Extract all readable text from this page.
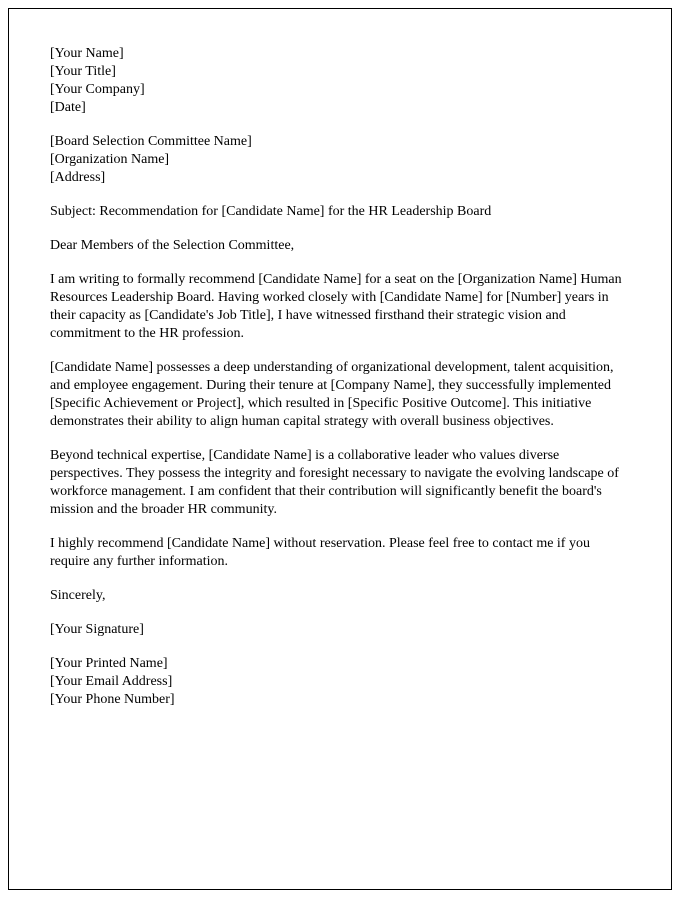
[Your Name]
[Your Title]
[Your Company]
[Date]
[Board Selection Committee Name]
[Organization Name]
[Address]

Subject: Recommendation for [Candidate Name] for the HR Leadership Board

Dear Members of the Selection Committee,

I am writing to formally recommend [Candidate Name] for a seat on the [Organization Name] Human Resources Leadership Board. Having worked closely with [Candidate Name] for [Number] years in their capacity as [Candidate's Job Title], I have witnessed firsthand their strategic vision and commitment to the HR profession.

[Candidate Name] possesses a deep understanding of organizational development, talent acquisition, and employee engagement. During their tenure at [Company Name], they successfully implemented [Specific Achievement or Project], which resulted in [Specific Positive Outcome]. This initiative demonstrates their ability to align human capital strategy with overall business objectives.

Beyond technical expertise, [Candidate Name] is a collaborative leader who values diverse perspectives. They possess the integrity and foresight necessary to navigate the evolving landscape of workforce management. I am confident that their contribution will significantly benefit the board's mission and the broader HR community.

I highly recommend [Candidate Name] without reservation. Please feel free to contact me if you require any further information.

Sincerely,

[Your Signature]

[Your Printed Name]
[Your Email Address]
[Your Phone Number]
